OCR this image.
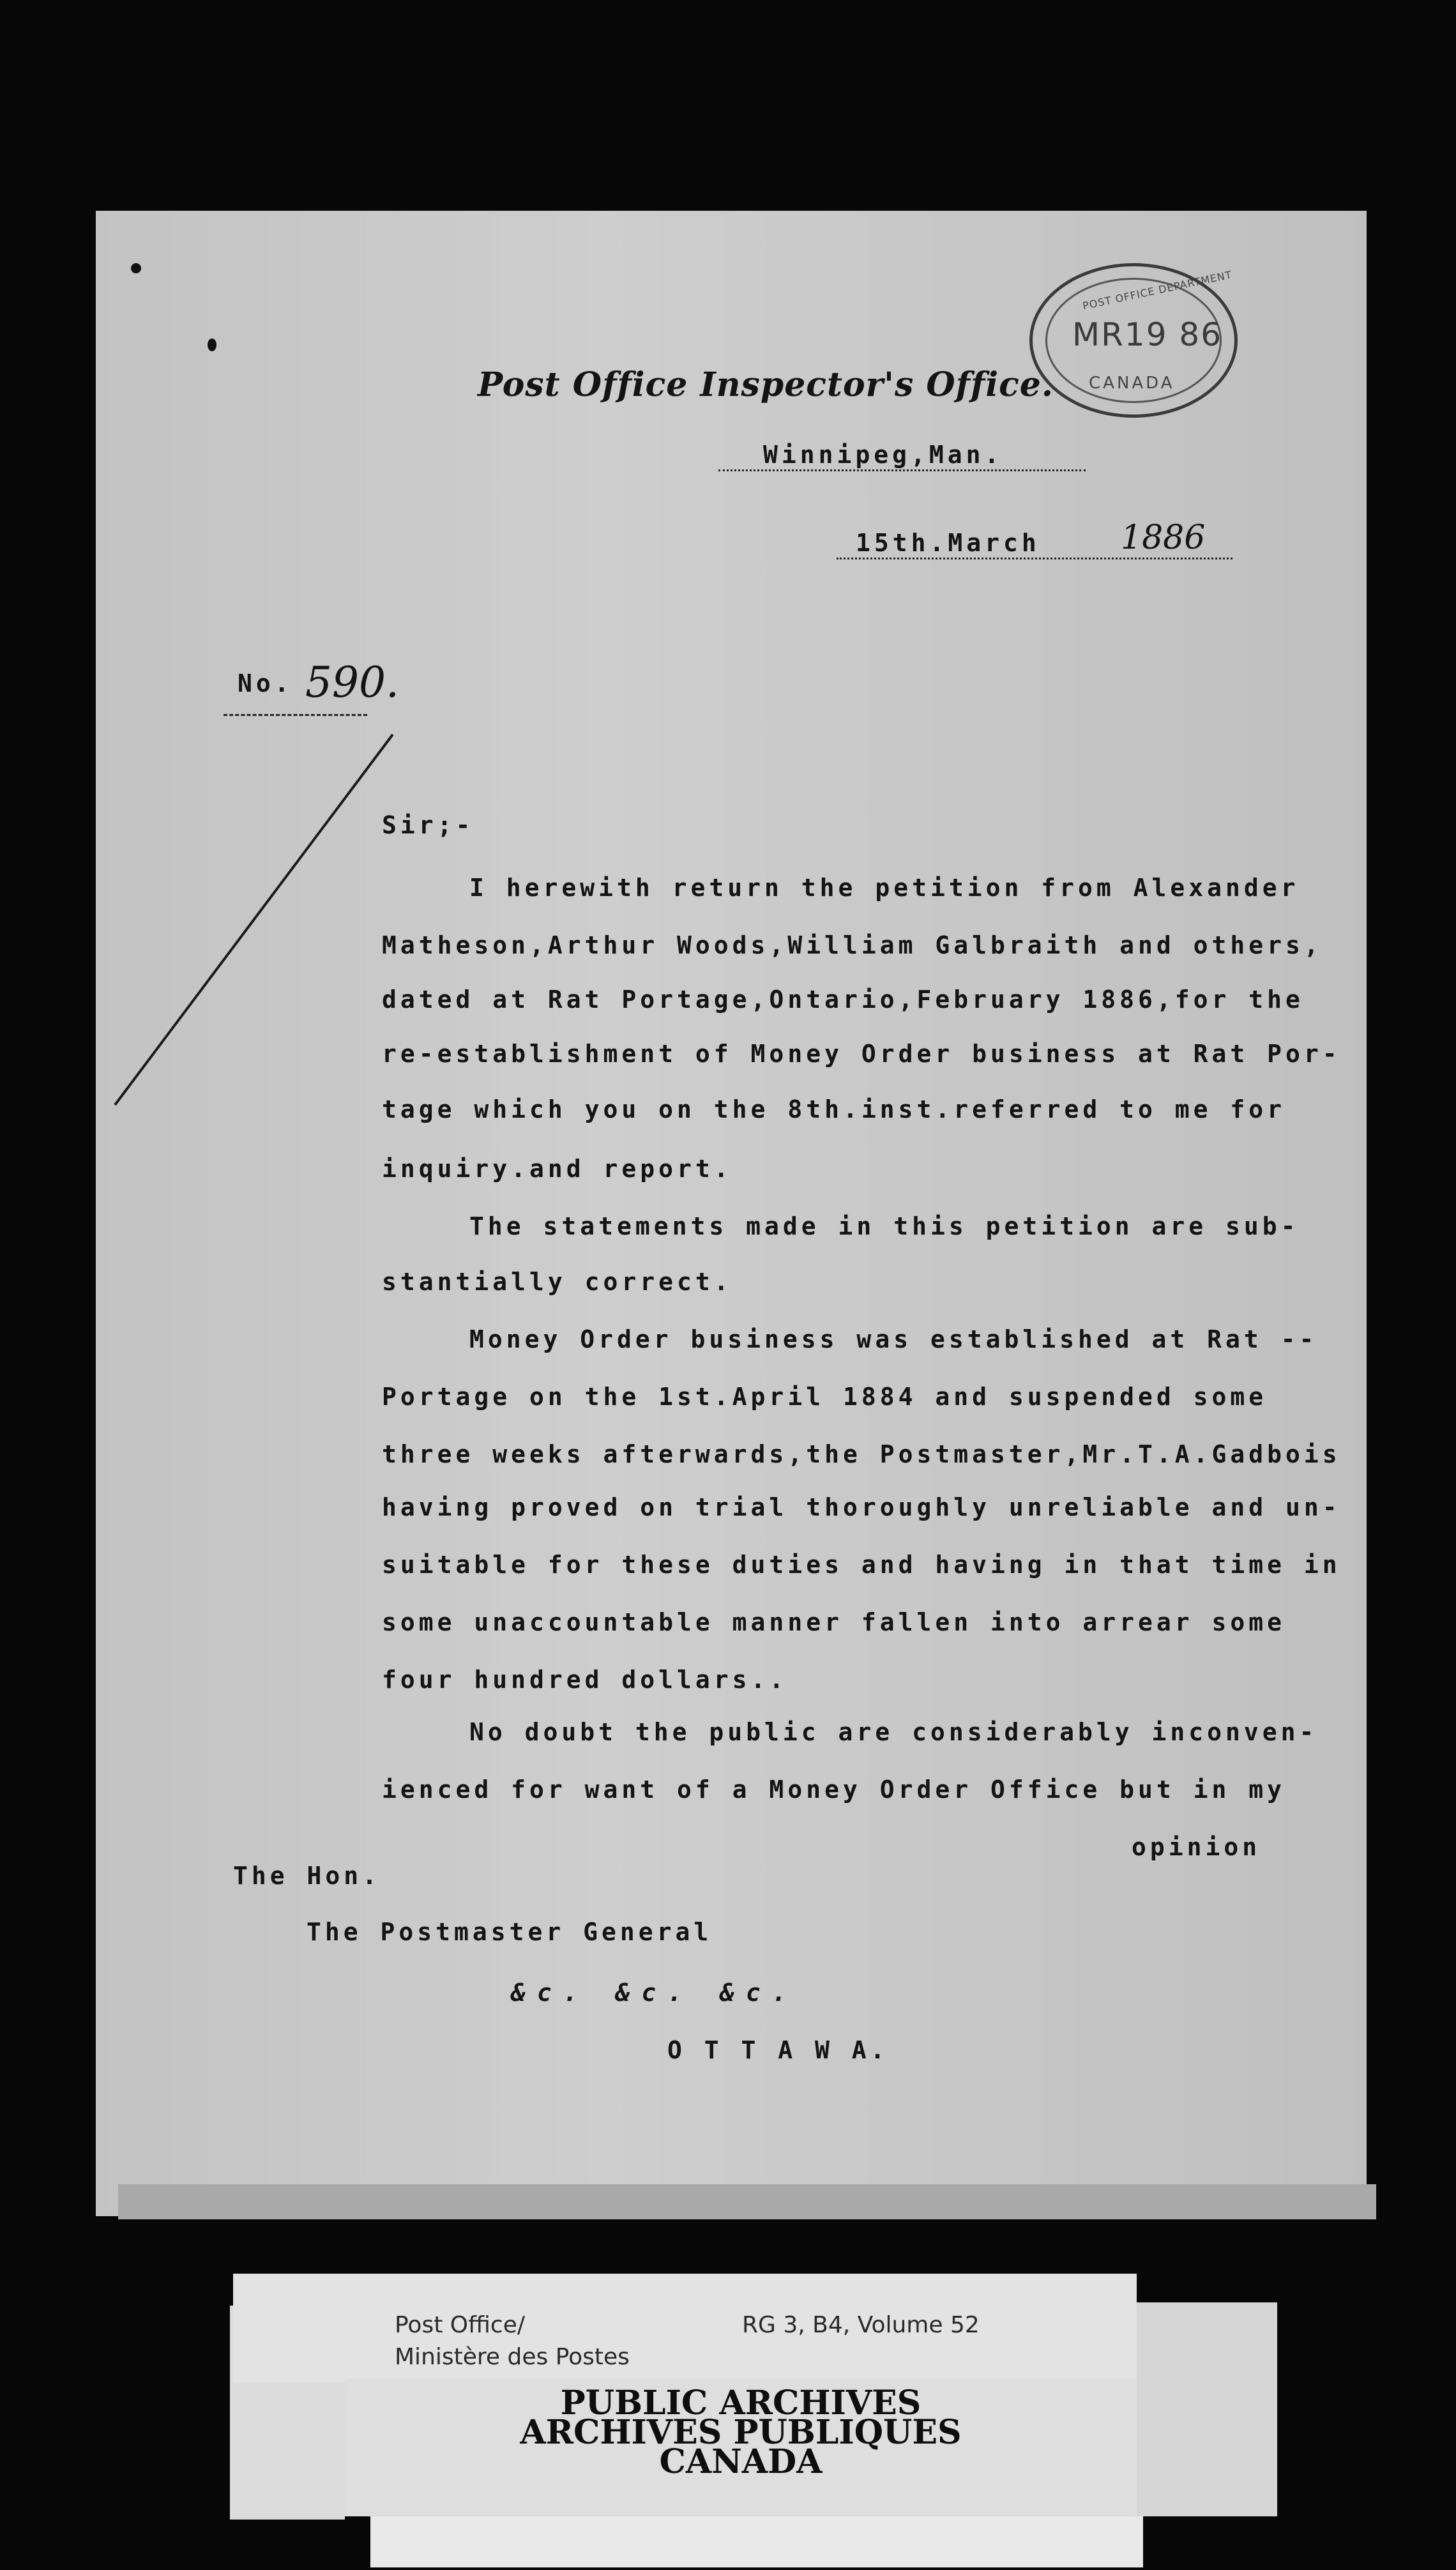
POST OFFICE DEPARTMENT
MR19 86
CANADA
Post Office Inspector's Office.
Winnipeg,Man.
15th.March 1886
No. 590.
Sir;-
I herewith return the petition from Alexander
Matheson,Arthur Woods,William Galbraith and others,
dated at Rat Portage,Ontario,February 1886,for the
re-establishment of Money Order business at Rat Por-
tage which you on the 8th.inst.referred to me for
inquiry.and report.
The statements made in this petition are sub-
stantially correct.
Money Order business was established at Rat --
Portage on the 1st.April 1884 and suspended some
three weeks afterwards,the Postmaster,Mr.T.A.Gadbois
having proved on trial thoroughly unreliable and un-
suitable for these duties and having in that time in
some unaccountable manner fallen into arrear some
four hundred dollars..
No doubt the public are considerably inconven-
ienced for want of a Money Order Office but in my
opinion
The Hon.
The Postmaster General
&c. &c. &c.
O T T A W A.
Post Office/
Ministère des Postes
RG 3, B4, Volume 52
PUBLIC ARCHIVES
ARCHIVES PUBLIQUES
CANADA
